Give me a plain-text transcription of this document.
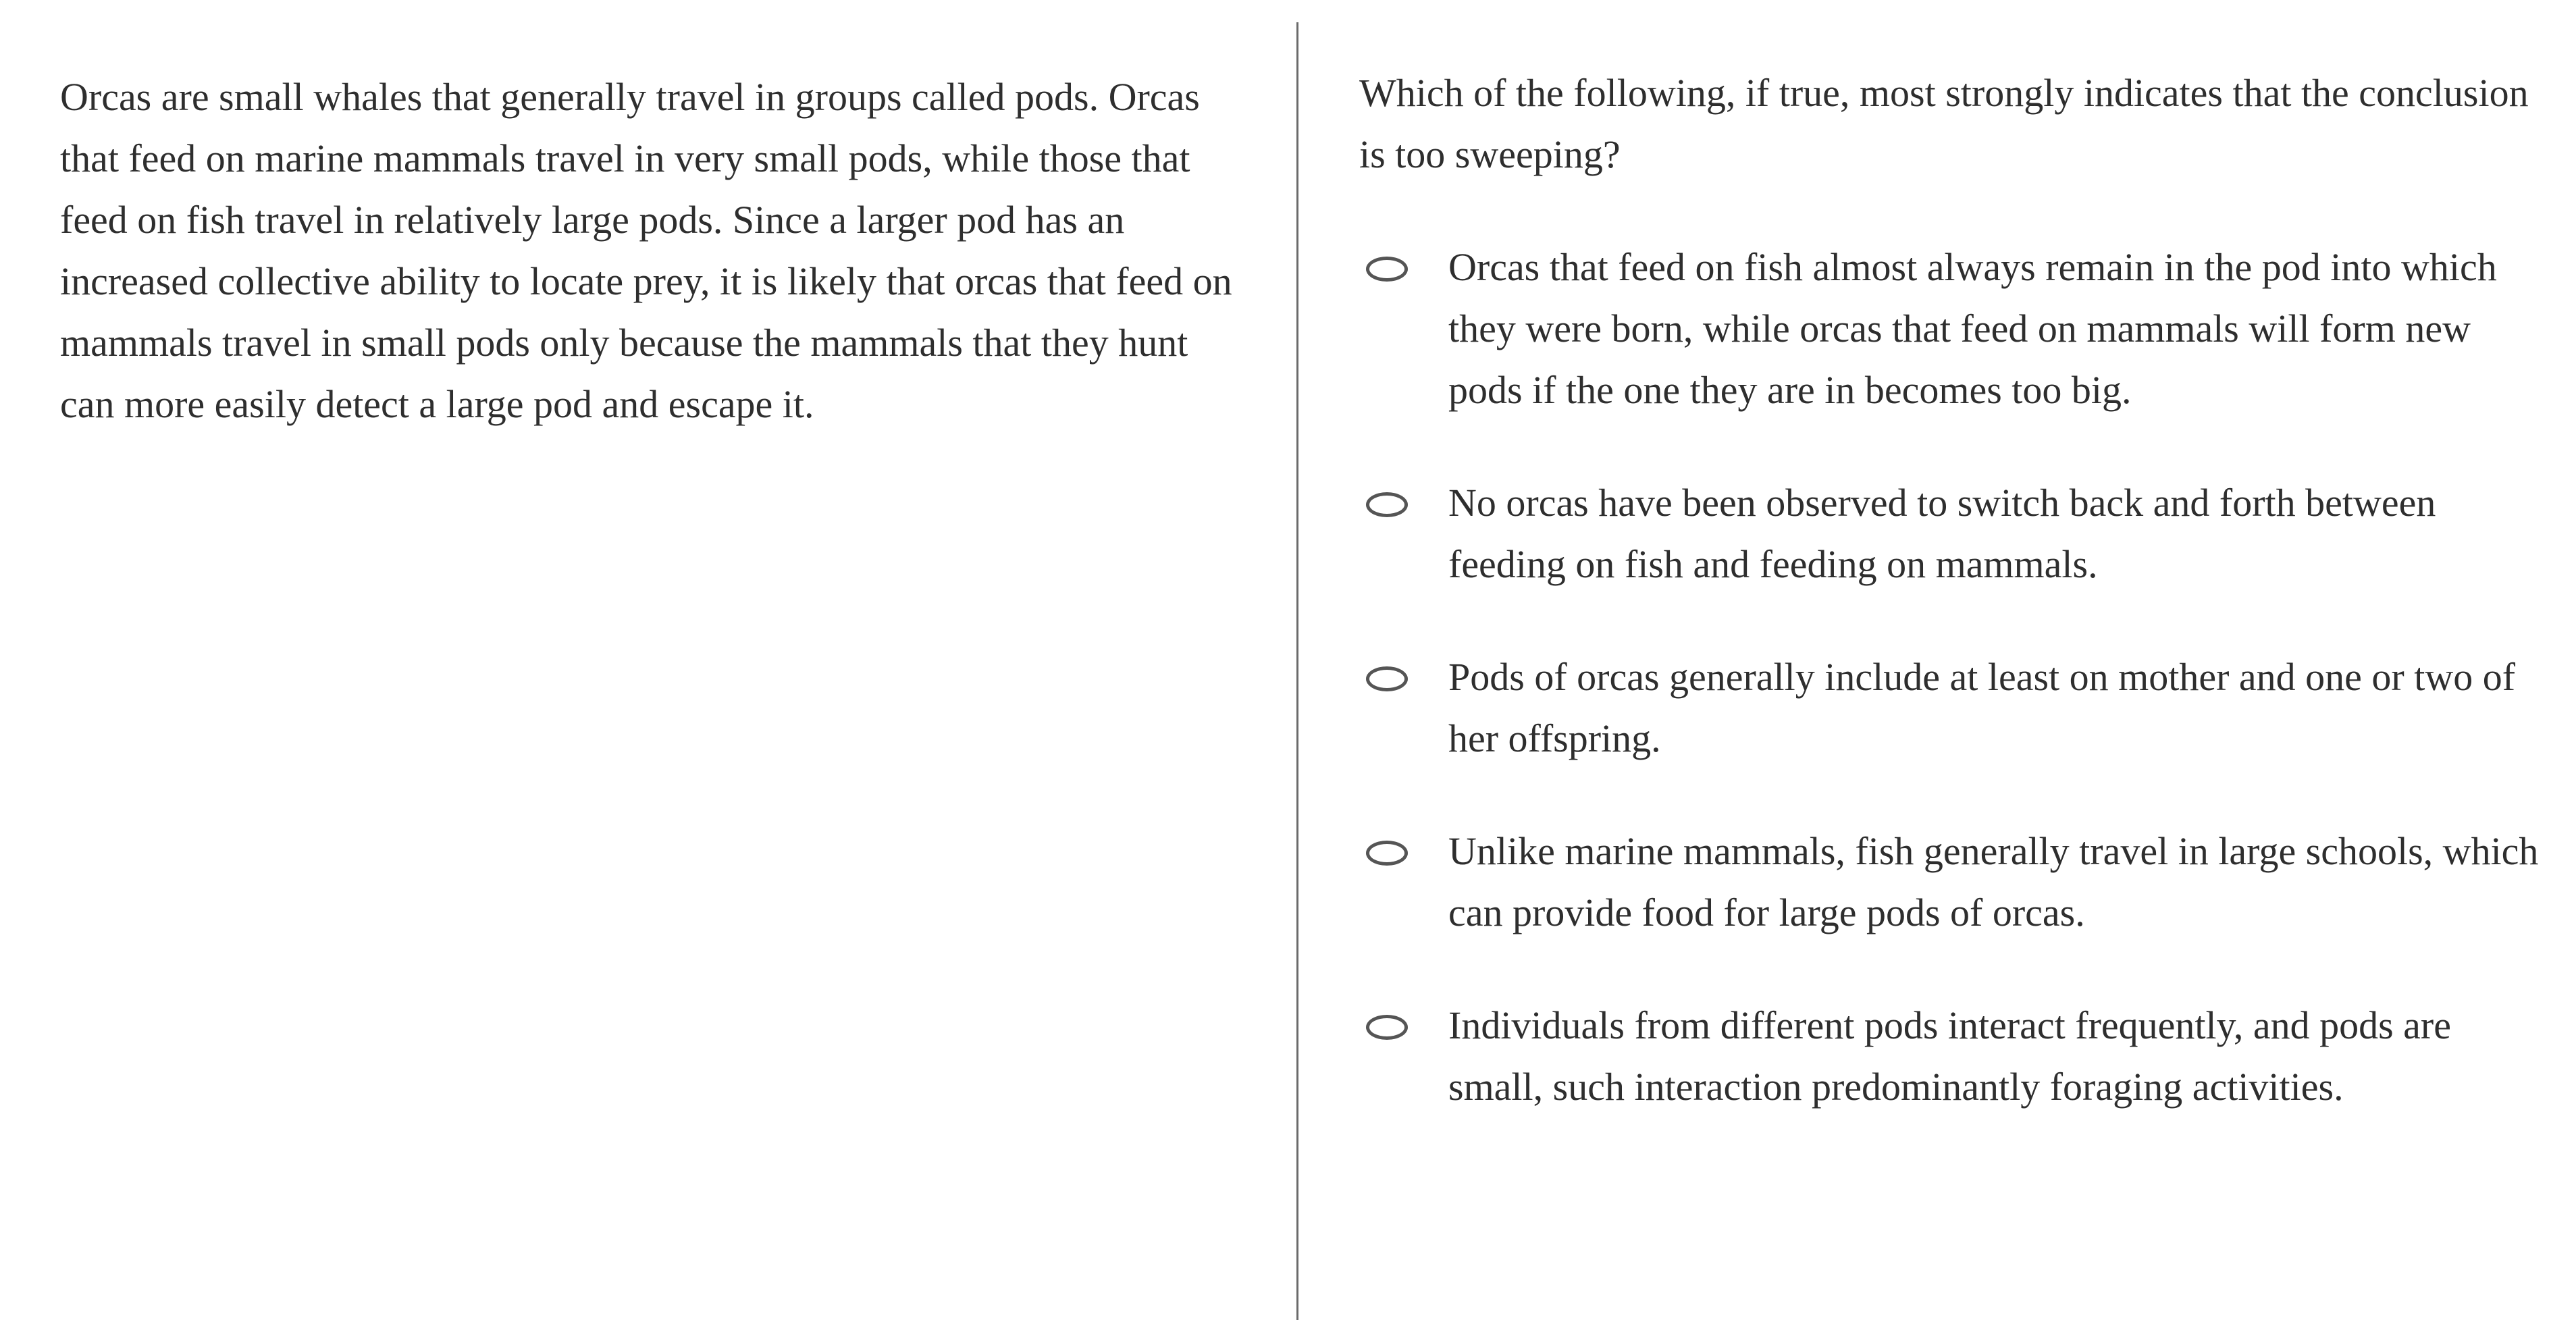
Orcas are small whales that generally travel in groups called pods. Orcas that feed on marine mammals travel in very small pods, while those that feed on fish travel in relatively large pods. Since a larger pod has an increased collective ability to locate prey, it is likely that orcas that feed on mammals travel in small pods only because the mammals that they hunt can more easily detect a large pod and escape it.

Which of the following, if true, most strongly indicates that the conclusion is too sweeping?

Orcas that feed on fish almost always remain in the pod into which they were born, while orcas that feed on mammals will form new pods if the one they are in becomes too big.
No orcas have been observed to switch back and forth between feeding on fish and feeding on mammals.
Pods of orcas generally include at least on mother and one or two of her offspring.
Unlike marine mammals, fish generally travel in large schools, which can provide food for large pods of orcas.
Individuals from different pods interact frequently, and pods are small, such interaction predominantly foraging activities.
